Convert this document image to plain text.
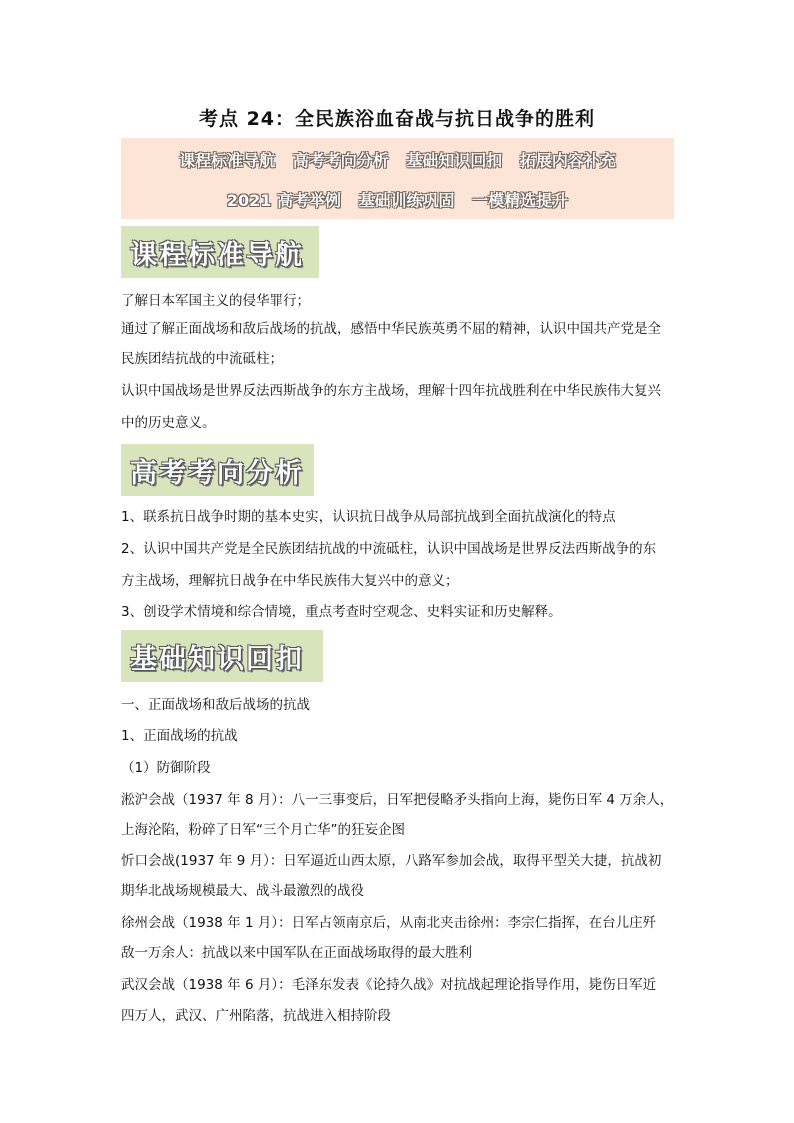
考点 24：全民族浴血奋战与抗日战争的胜利
课程标准导航 高考考向分析 基础知识回扣 拓展内容补充
2021 高考举例 基础训练巩固 一模精选提升
课程标准导航
了解日本军国主义的侵华罪行；
通过了解正面战场和敌后战场的抗战，感悟中华民族英勇不屈的精神，认识中国共产党是全
民族团结抗战的中流砥柱；
认识中国战场是世界反法西斯战争的东方主战场，理解十四年抗战胜利在中华民族伟大复兴
中的历史意义。
高考考向分析
1、联系抗日战争时期的基本史实，认识抗日战争从局部抗战到全面抗战演化的特点
2、认识中国共产党是全民族团结抗战的中流砥柱，认识中国战场是世界反法西斯战争的东
方主战场，理解抗日战争在中华民族伟大复兴中的意义；
3、创设学术情境和综合情境，重点考查时空观念、史料实证和历史解释。
基础知识回扣
一、正面战场和敌后战场的抗战
1、正面战场的抗战
（1）防御阶段
淞沪会战（1937 年 8 月）：八一三事变后，日军把侵略矛头指向上海，毙伤日军 4 万余人，
上海沦陷，粉碎了日军“三个月亡华”的狂妄企图
忻口会战(1937 年 9 月）：日军逼近山西太原，八路军参加会战，取得平型关大捷，抗战初
期华北战场规模最大、战斗最激烈的战役
徐州会战（1938 年 1 月）：日军占领南京后，从南北夹击徐州：李宗仁指挥，在台儿庄歼
敌一万余人：抗战以来中国军队在正面战场取得的最大胜利
武汉会战（1938 年 6 月）：毛泽东发表《论持久战》对抗战起理论指导作用，毙伤日军近
四万人，武汉、广州陷落，抗战进入相持阶段
